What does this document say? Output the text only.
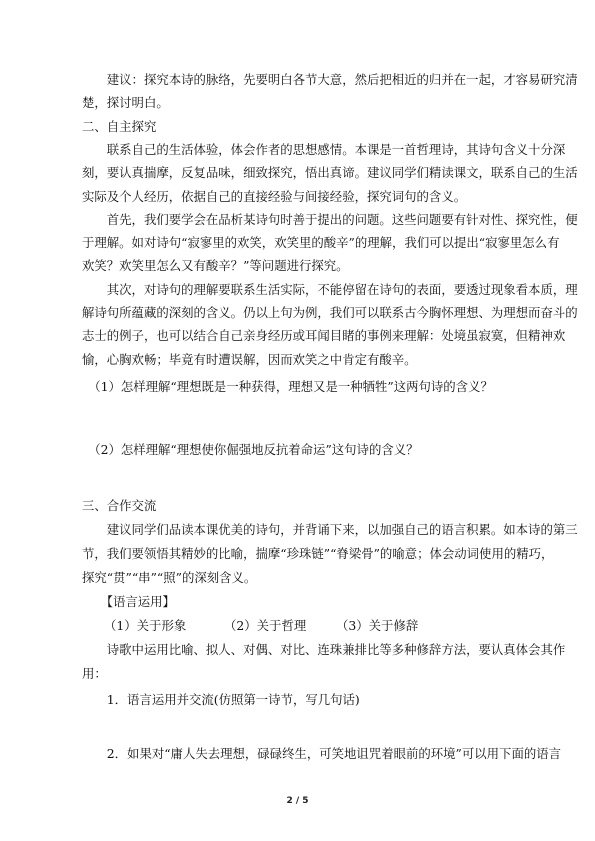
　　建议：探究本诗的脉络，先要明白各节大意，然后把相近的归并在一起，才容易研究清

楚，探讨明白。

二、自主探究

　　联系自己的生活体验，体会作者的思想感情。本课是一首哲理诗，其诗句含义十分深

刻，要认真揣摩，反复品味，细致探究，悟出真谛。建议同学们精读课文，联系自己的生活

实际及个人经历，依据自己的直接经验与间接经验，探究词句的含义。

　　首先，我们要学会在品析某诗句时善于提出的问题。这些问题要有针对性、探究性，便

于理解。如对诗句“寂寥里的欢笑，欢笑里的酸辛”的理解，我们可以提出“寂寥里怎么有

欢笑？欢笑里怎么又有酸辛？”等问题进行探究。

　　其次，对诗句的理解要联系生活实际，不能停留在诗句的表面，要透过现象看本质，理

解诗句所蕴藏的深刻的含义。仍以上句为例，我们可以联系古今胸怀理想、为理想而奋斗的

志士的例子，也可以结合自己亲身经历或耳闻目睹的事例来理解：处境虽寂寞，但精神欢

愉，心胸欢畅；毕竟有时遭误解，因而欢笑之中肯定有酸辛。

　（1）怎样理解“理想既是一种获得，理想又是一种牺牲”这两句诗的含义？

　（2）怎样理解“理想使你倔强地反抗着命运”这句诗的含义？

三、合作交流

　　建议同学们品读本课优美的诗句，并背诵下来，以加强自己的语言积累。如本诗的第三

节，我们要领悟其精妙的比喻，揣摩“珍珠链”“脊梁骨”的喻意；体会动词使用的精巧，

探究“贯”“串”“照”的深刻含义。

　　【语言运用】

（1）关于形象	（2）关于哲理 （3）关于修辞

　　诗歌中运用比喻、拟人、对偶、对比、连珠兼排比等多种修辞方法，要认真体会其作

用：

　　1．语言运用并交流(仿照第一诗节，写几句话)

　　2．如果对“庸人失去理想，碌碌终生，可笑地诅咒着眼前的环境”可以用下面的语言

2 / 5
